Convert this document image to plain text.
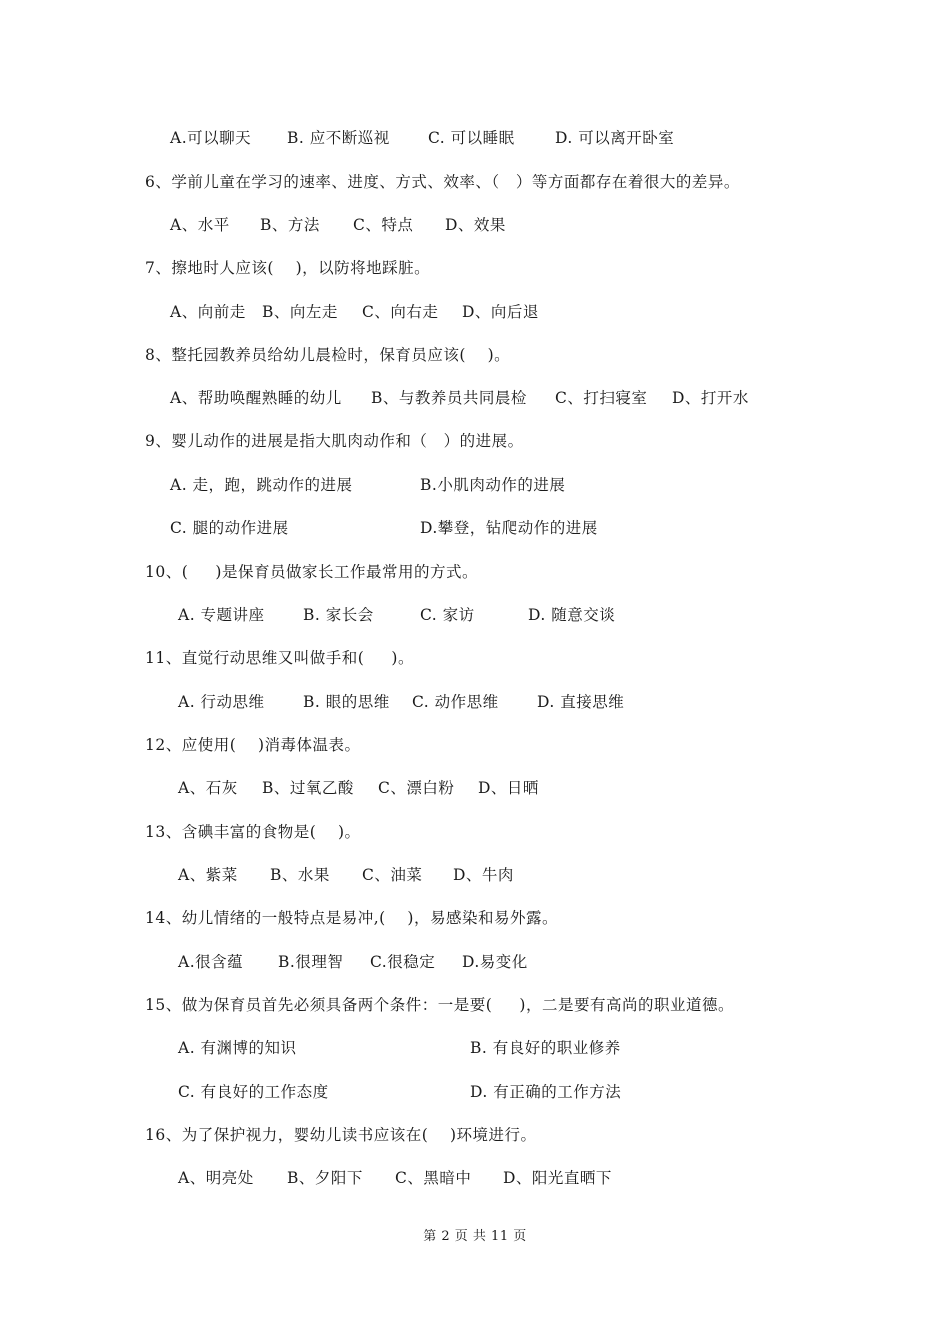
A.可以聊天 B. 应不断巡视 C. 可以睡眠	D. 可以离开卧室
6、学前儿童在学习的速率、进度、方式、效率、（   ）等方面都存在着很大的差异。
A、水平 B、方法 C、特点 D、效果
7、擦地时人应该(    )，以防将地踩脏。
A、向前走 B、向左走 C、向右走 D、向后退
8、整托园教养员给幼儿晨检时，保育员应该(    )。
A、帮助唤醒熟睡的幼儿 B、与教养员共同晨检 C、打扫寝室 D、打开水
9、婴儿动作的进展是指大肌肉动作和（   ）的进展。
A. 走，跑，跳动作的进展	B.小肌肉动作的进展
C. 腿的动作进展	D.攀登，钻爬动作的进展
10、(     )是保育员做家长工作最常用的方式。
A. 专题讲座 B. 家长会	C. 家访	D. 随意交谈
11、直觉行动思维又叫做手和(     )。
A. 行动思维 B. 眼的思维 C. 动作思维 D. 直接思维
12、应使用(    )消毒体温表。
A、石灰 B、过氧乙酸 C、漂白粉 D、日晒
13、含碘丰富的食物是(    )。
A、紫菜 B、水果 C、油菜 D、牛肉
14、幼儿情绪的一般特点是易冲,(    )，易感染和易外露。
A.很含蕴 B.很理智 C.很稳定 D.易变化
15、做为保育员首先必须具备两个条件：一是要(     )，二是要有高尚的职业道德。
A. 有渊博的知识	B. 有良好的职业修养
C. 有良好的工作态度	D. 有正确的工作方法
16、为了保护视力，婴幼儿读书应该在(    )环境进行。
A、明亮处 B、夕阳下 C、黑暗中 D、阳光直晒下
第 2 页 共 11 页
